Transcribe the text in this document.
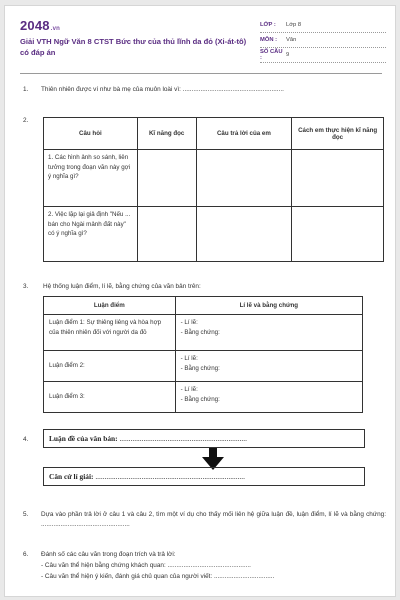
2048.vn
Giải VTH Ngữ Văn 8 CTST Bức thư của thủ lĩnh da đỏ (Xi-át-tô) có đáp án
LỚP :	Lớp 8
MÔN :	Văn
SỐ CÂU :	9
1. Thiên nhiên được ví như bà mẹ của muôn loài vì: .........................................................
2.
Câu hỏi	Kĩ năng đọc	Câu trả lời của em	Cách em thực hiện kĩ năng đọc
1. Các hình ảnh so sánh, liên tưởng trong đoạn văn này gợi ý nghĩa gì?			
2. Việc lặp lại giả định "Nếu ... bán cho Ngài mảnh đất này" có ý nghĩa gì?			
3. Hệ thống luận điểm, lí lẽ, bằng chứng của văn bản trên:
Luận điểm	Lí lẽ và bằng chứng
Luận điểm 1: Sự thiêng liêng và hòa hợp của thiên nhiên đối với người da đỏ	- Lí lẽ:
- Bằng chứng:

Luận điểm 2:	- Lí lẽ:
- Bằng chứng:

Luận điểm 3:	- Lí lẽ:
- Bằng chứng:
4.	Luận đề của văn bản: .....................................................................
Căn cứ lí giải: .................................................................................
5. Dựa vào phần trả lời ở câu 1 và câu 2, tìm một ví dụ cho thấy mối liên hệ giữa luận đề, luận điểm, lí lẽ và bằng chứng: ..................................................
6. Đánh số các câu văn trong đoạn trích và trả lời:
- Câu văn thể hiện bằng chứng khách quan: ...............................................
- Câu văn thể hiện ý kiến, đánh giá chủ quan của người viết: ..................................
